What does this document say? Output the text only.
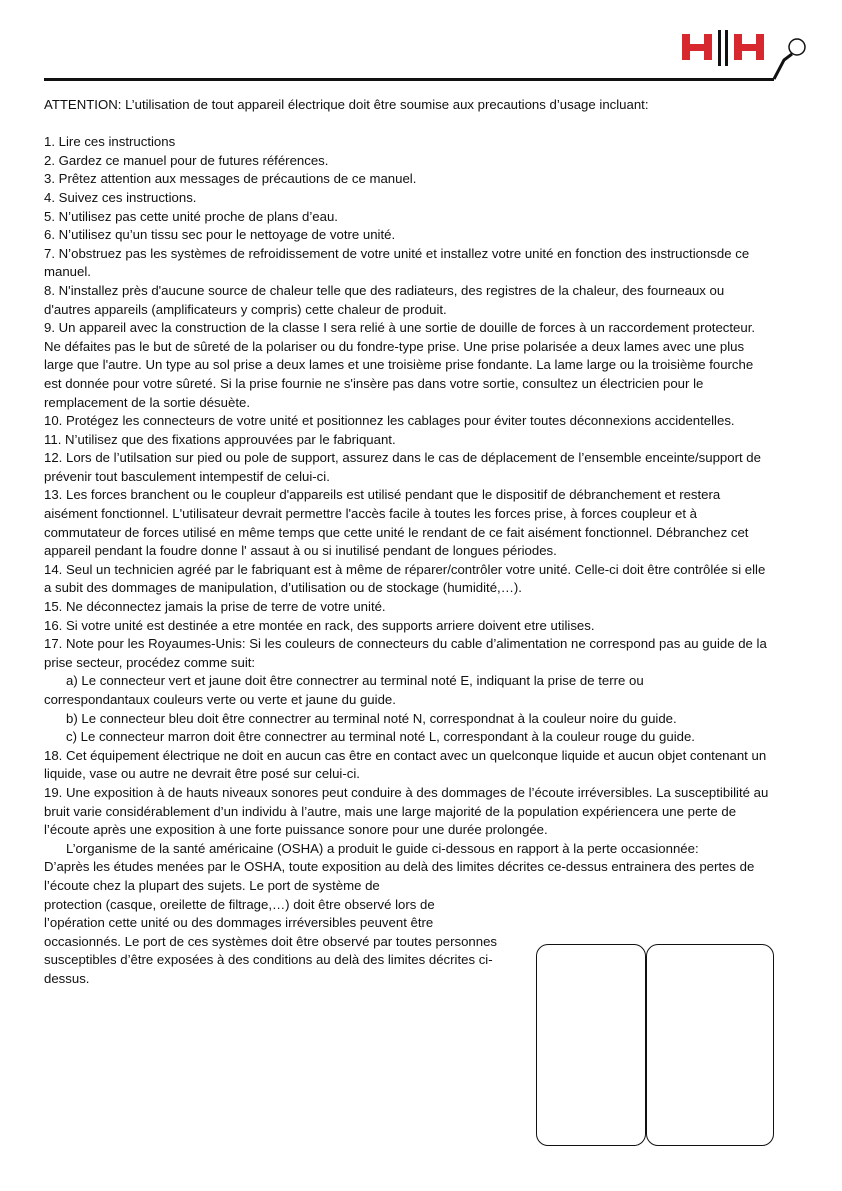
ATTENTION: L’utilisation de tout appareil électrique doit être soumise aux precautions d’usage incluant:

1. Lire ces instructions

2. Gardez ce manuel pour de futures références.

3. Prêtez attention aux messages de précautions de ce manuel.

4. Suivez ces instructions.

5. N’utilisez pas cette unité proche de plans d’eau.

6. N’utilisez qu’un tissu sec pour le nettoyage de votre unité.

7. N’obstruez pas les systèmes de refroidissement de votre unité et installez votre unité en fonction des instructionsde ce manuel.

8. N'installez près d'aucune source de chaleur telle que des radiateurs, des registres de la chaleur, des fourneaux ou d'autres appareils (amplificateurs y compris) cette chaleur de produit.

9. Un appareil avec la construction de la classe I sera relié à une sortie de douille de forces à un raccordement protecteur. Ne défaites pas le but de sûreté de la polariser ou du fondre-type prise. Une prise polarisée a deux lames avec une plus large que l'autre. Un type au sol prise a deux lames et une troisième prise fondante. La lame large ou la troisième fourche est donnée pour votre sûreté. Si la prise fournie ne s'insère pas dans votre sortie, consultez un électricien pour le remplacement de la sortie désuète.

10. Protégez les connecteurs de votre unité et positionnez les cablages pour éviter toutes déconnexions accidentelles.

11. N’utilisez que des fixations approuvées par le fabriquant.

12. Lors de l’utilsation sur pied ou pole de support, assurez dans le cas de déplacement de l’ensemble enceinte/support de prévenir tout basculement intempestif de celui-ci.

13. Les forces branchent ou le coupleur d'appareils est utilisé pendant que le dispositif de débranchement et restera aisément fonctionnel. L'utilisateur devrait permettre l'accès facile à toutes les forces prise, à forces coupleur et à commutateur de forces utilisé en même temps que cette unité le rendant de ce fait aisément fonctionnel. Débranchez cet appareil pendant la foudre donne l' assaut à ou si inutilisé pendant de longues périodes.

14. Seul un technicien agréé par le fabriquant est à même de réparer/contrôler votre unité. Celle-ci doit être contrôlée si elle a subit des dommages de manipulation, d’utilisation ou de stockage (humidité,…).

15. Ne déconnectez jamais la prise de terre de votre unité.

16. Si votre unité est destinée a etre montée en rack, des supports arriere doivent etre utilises.

17. Note pour les Royaumes-Unis: Si les couleurs de connecteurs du cable d’alimentation ne correspond pas au guide de la prise secteur, procédez comme suit:

a) Le connecteur vert et jaune doit être connectrer au terminal noté E, indiquant la prise de terre ou

correspondantaux couleurs verte ou verte et jaune du guide.

b) Le connecteur bleu doit être connectrer au terminal noté N, correspondnat à la couleur noire du guide.

c) Le connecteur marron doit être connectrer au terminal noté L, correspondant à la couleur rouge du guide.

18. Cet équipement électrique ne doit en aucun cas être en contact avec un quelconque liquide et aucun objet contenant un liquide, vase ou autre ne devrait être posé sur celui-ci.

19. Une exposition à de hauts niveaux sonores peut conduire à des dommages de l’écoute irréversibles. La susceptibilité au bruit varie considérablement d’un individu à l’autre, mais une large majorité de la population expériencera une perte de l’écoute après une exposition à une forte puissance sonore pour une durée prolongée.

L’organisme de la santé américaine (OSHA) a produit le guide ci-dessous en rapport à la perte occasionnée:

D’après les études menées par le OSHA, toute exposition au delà des limites décrites ce-dessus entrainera des pertes de l’écoute chez la plupart des sujets. Le port de système de

protection (casque, oreilette de filtrage,…) doit être observé lors de l’opération cette unité ou des dommages irréversibles peuvent être occasionnés. Le port de ces systèmes doit être observé par toutes personnes susceptibles d’être exposées à des conditions au delà des limites décrites ci-dessus.
